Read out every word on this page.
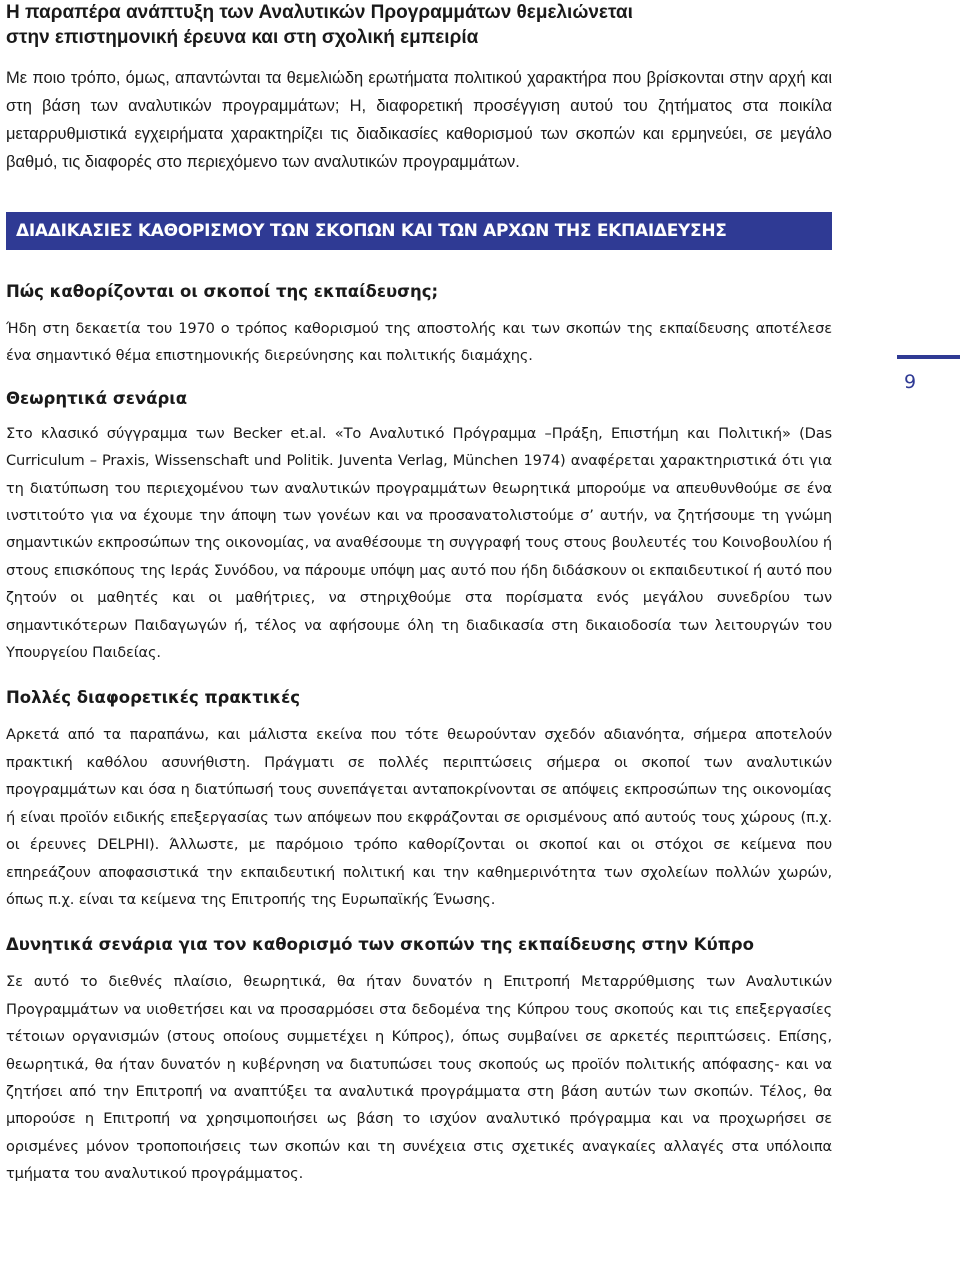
Η παραπέρα ανάπτυξη των Αναλυτικών Προγραμμάτων θεμελιώνεται
στην επιστημονική έρευνα και στη σχολική εμπειρία

Με ποιο τρόπο, όμως, απαντώνται τα θεμελιώδη ερωτήματα πολιτικού χαρακτήρα που βρίσκονται στην αρχή και στη βάση των αναλυτικών προγραμμάτων; Η, διαφορετική προσέγγιση αυτού του ζητήματος στα ποικίλα μεταρρυθμιστικά εγχειρήματα χαρακτηρίζει τις διαδικασίες καθορισμού των σκοπών και ερμηνεύει, σε μεγάλο βαθμό, τις διαφορές στο περιεχόμενο των αναλυτικών προγραμμάτων.

ΔΙΑΔΙΚΑΣΙΕΣ ΚΑΘΟΡΙΣΜΟΥ ΤΩΝ ΣΚΟΠΩΝ ΚΑΙ ΤΩΝ ΑΡΧΩΝ ΤΗΣ ΕΚΠΑΙΔΕΥΣΗΣ
Πώς καθορίζονται οι σκοποί της εκπαίδευσης;

Ήδη στη δεκαετία του 1970 ο τρόπος καθορισμού της αποστολής και των σκοπών της εκπαίδευσης αποτέλεσε ένα σημαντικό θέμα επιστημονικής διερεύνησης και πολιτικής διαμάχης.

Θεωρητικά σενάρια

Στο κλασικό σύγγραμμα των Becker et.al. «Το Αναλυτικό Πρόγραμμα –Πράξη, Επιστήμη και Πολιτική» (Das Curriculum – Praxis, Wissenschaft und Politik. Juventa Verlag, München 1974) αναφέρεται χαρακτηριστικά ότι για τη διατύπωση του περιεχομένου των αναλυτικών προγραμμάτων θεωρητικά μπορούμε να απευθυνθούμε σε ένα ινστιτούτο για να έχουμε την άποψη των γονέων και να προσανατολιστούμε σ’ αυτήν, να ζητήσουμε τη γνώμη σημαντικών εκπροσώπων της οικονομίας, να αναθέσουμε τη συγγραφή τους στους βουλευτές του Κοινοβουλίου ή στους επισκόπους της Ιεράς Συνόδου, να πάρουμε υπόψη μας αυτό που ήδη διδάσκουν οι εκπαιδευτικοί ή αυτό που ζητούν οι μαθητές και οι μαθήτριες, να στηριχθούμε στα πορίσματα ενός μεγάλου συνεδρίου των σημαντικότερων Παιδαγωγών ή, τέλος να αφήσουμε όλη τη διαδικασία στη δικαιοδοσία των λειτουργών του Υπουργείου Παιδείας.

Πολλές διαφορετικές πρακτικές

Αρκετά από τα παραπάνω, και μάλιστα εκείνα που τότε θεωρούνταν σχεδόν αδιανόητα, σήμερα αποτελούν πρακτική καθόλου ασυνήθιστη. Πράγματι σε πολλές περιπτώσεις σήμερα οι σκοποί των αναλυτικών προγραμμάτων και όσα η διατύπωσή τους συνεπάγεται ανταποκρίνονται σε απόψεις εκπροσώπων της οικονομίας ή είναι προϊόν ειδικής επεξεργασίας των απόψεων που εκφράζονται σε ορισμένους από αυτούς τους χώρους (π.χ. οι έρευνες DELPHI). Άλλωστε, με παρόμοιο τρόπο καθορίζονται οι σκοποί και οι στόχοι σε κείμενα που επηρεάζουν αποφασιστικά την εκπαιδευτική πολιτική και την καθημερινότητα των σχολείων πολλών χωρών, όπως π.χ. είναι τα κείμενα της Επιτροπής της Ευρωπαϊκής Ένωσης.

Δυνητικά σενάρια για τον καθορισμό των σκοπών της εκπαίδευσης στην Κύπρο

Σε αυτό το διεθνές πλαίσιο, θεωρητικά, θα ήταν δυνατόν η Επιτροπή Μεταρρύθμισης των Αναλυτικών Προγραμμάτων να υιοθετήσει και να προσαρμόσει στα δεδομένα της Κύπρου τους σκοπούς και τις επεξεργασίες τέτοιων οργανισμών (στους οποίους συμμετέχει η Κύπρος), όπως συμβαίνει σε αρκετές περιπτώσεις. Επίσης, θεωρητικά, θα ήταν δυνατόν η κυβέρνηση να διατυπώσει τους σκοπούς ως προϊόν πολιτικής απόφασης- και να ζητήσει από την Επιτροπή να αναπτύξει τα αναλυτικά προγράμματα στη βάση αυτών των σκοπών. Τέλος, θα μπορούσε η Επιτροπή να χρησιμοποιήσει ως βάση το ισχύον αναλυτικό πρόγραμμα και να προχωρήσει σε ορισμένες μόνον τροποποιήσεις των σκοπών και τη συνέχεια στις σχετικές αναγκαίες αλλαγές στα υπόλοιπα τμήματα του αναλυτικού προγράμματος.

9
